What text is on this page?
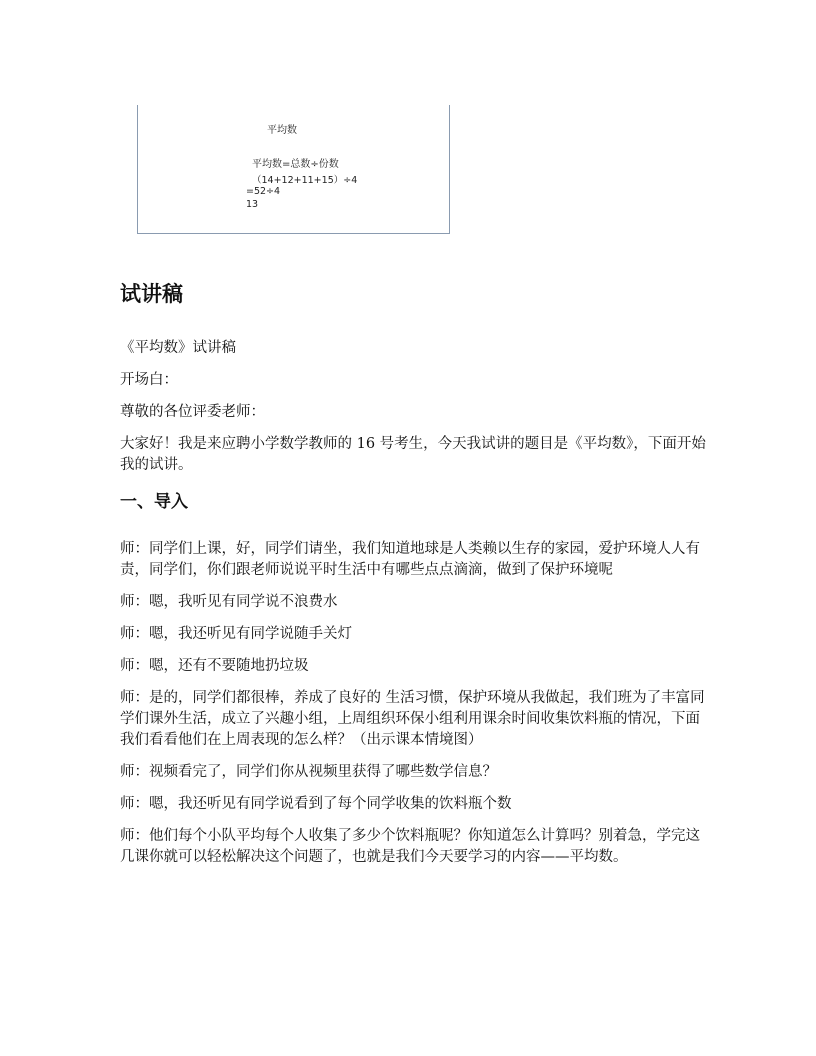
平均数
平均数=总数÷份数
（14+12+11+15）÷4
=52÷4
13
试讲稿

《平均数》试讲稿

开场白：

尊敬的各位评委老师：

大家好！我是来应聘小学数学教师的 16 号考生，今天我试讲的题目是《平均数》，下面开始我的试讲。

一、导入

师：同学们上课，好，同学们请坐，我们知道地球是人类赖以生存的家园，爱护环境人人有责，同学们，你们跟老师说说平时生活中有哪些点点滴滴，做到了保护环境呢

师：嗯，我听见有同学说不浪费水

师：嗯，我还听见有同学说随手关灯

师：嗯，还有不要随地扔垃圾

师：是的，同学们都很棒，养成了良好的 生活习惯，保护环境从我做起，我们班为了丰富同学们课外生活，成立了兴趣小组，上周组织环保小组利用课余时间收集饮料瓶的情况，下面我们看看他们在上周表现的怎么样？（出示课本情境图）

师：视频看完了，同学们你从视频里获得了哪些数学信息？

师：嗯，我还听见有同学说看到了每个同学收集的饮料瓶个数

师：他们每个小队平均每个人收集了多少个饮料瓶呢？你知道怎么计算吗？别着急，学完这几课你就可以轻松解决这个问题了，也就是我们今天要学习的内容——平均数。
